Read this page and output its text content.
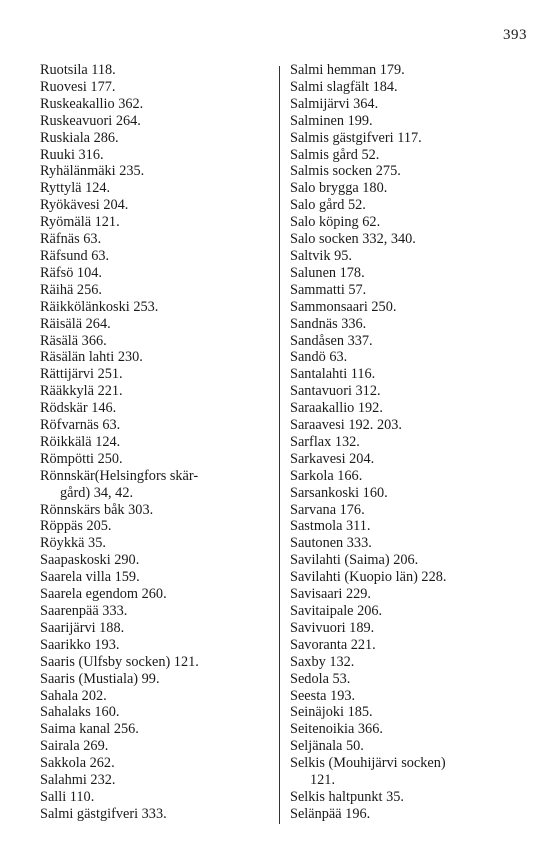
393
Ruotsila 118.
Ruovesi 177.
Ruskeakallio 362.
Ruskeavuori 264.
Ruskiala 286.
Ruuki 316.
Ryhälänmäki 235.
Ryttylä 124.
Ryökävesi 204.
Ryömälä 121.
Räfnäs 63.
Räfsund 63.
Räfsö 104.
Räihä 256.
Räikkölänkoski 253.
Räisälä 264.
Räsälä 366.
Räsälän lahti 230.
Rättijärvi 251.
Rääkkylä 221.
Rödskär 146.
Röfvarnäs 63.
Röikkälä 124.
Römpötti 250.
Rönnskär(Helsingfors skär-
gård) 34, 42.
Rönnskärs båk 303.
Röppäs 205.
Röykkä 35.
Saapaskoski 290.
Saarela villa 159.
Saarela egendom 260.
Saarenpää 333.
Saarijärvi 188.
Saarikko 193.
Saaris (Ulfsby socken) 121.
Saaris (Mustiala) 99.
Sahala 202.
Sahalaks 160.
Saima kanal 256.
Sairala 269.
Sakkola 262.
Salahmi 232.
Salli 110.
Salmi gästgifveri 333.
Salmi hemman 179.
Salmi slagfält 184.
Salmijärvi 364.
Salminen 199.
Salmis gästgifveri 117.
Salmis gård 52.
Salmis socken 275.
Salo brygga 180.
Salo gård 52.
Salo köping 62.
Salo socken 332, 340.
Saltvik 95.
Salunen 178.
Sammatti 57.
Sammonsaari 250.
Sandnäs 336.
Sandåsen 337.
Sandö 63.
Santalahti 116.
Santavuori 312.
Saraakallio 192.
Saraavesi 192. 203.
Sarflax 132.
Sarkavesi 204.
Sarkola 166.
Sarsankoski 160.
Sarvana 176.
Sastmola 311.
Sautonen 333.
Savilahti (Saima) 206.
Savilahti (Kuopio län) 228.
Savisaari 229.
Savitaipale 206.
Savivuori 189.
Savoranta 221.
Saxby 132.
Sedola 53.
Seesta 193.
Seinäjoki 185.
Seitenoikia 366.
Seljänala 50.
Selkis (Mouhijärvi socken)
121.
Selkis haltpunkt 35.
Selänpää 196.
